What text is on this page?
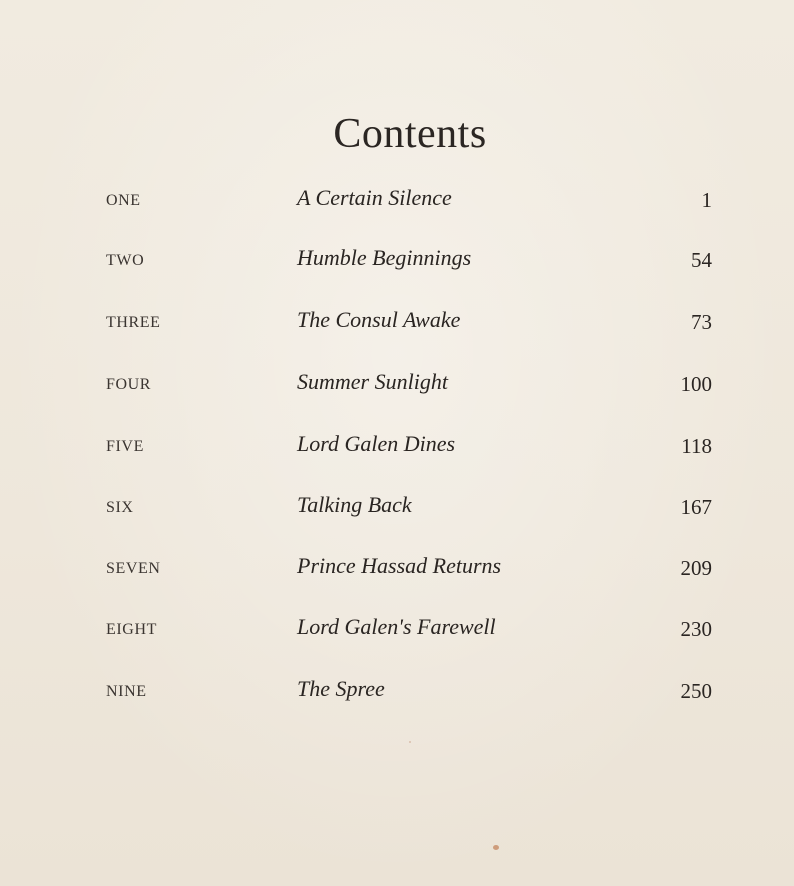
Contents
ONE	A Certain Silence	1
TWO	Humble Beginnings	54
THREE	The Consul Awake	73
FOUR	Summer Sunlight	100
FIVE	Lord Galen Dines	118
SIX	Talking Back	167
SEVEN	Prince Hassad Returns	209
EIGHT	Lord Galen's Farewell	230
NINE	The Spree	250
